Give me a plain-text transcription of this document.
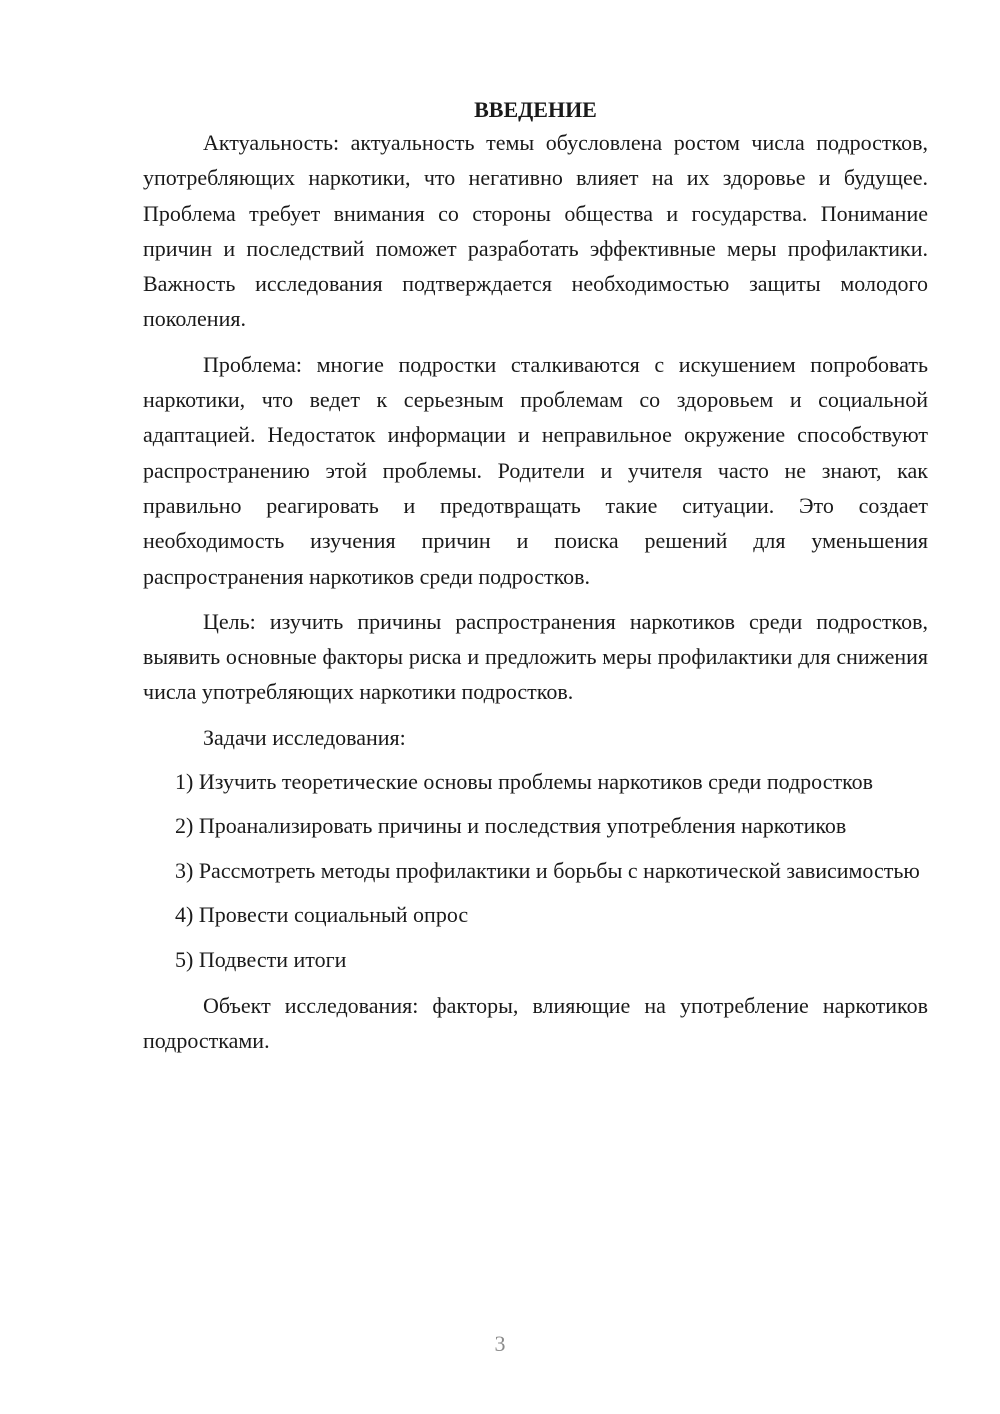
ВВЕДЕНИЕ

Актуальность: актуальность темы обусловлена ростом числа подростков, употребляющих наркотики, что негативно влияет на их здоровье и будущее. Проблема требует внимания со стороны общества и государства. Понимание причин и последствий поможет разработать эффективные меры профилактики. Важность исследования подтверждается необходимостью защиты молодого поколения.

Проблема: многие подростки сталкиваются с искушением попробовать наркотики, что ведет к серьезным проблемам со здоровьем и социальной адаптацией. Недостаток информации и неправильное окружение способствуют распространению этой проблемы. Родители и учителя часто не знают, как правильно реагировать и предотвращать такие ситуации. Это создает необходимость изучения причин и поиска решений для уменьшения распространения наркотиков среди подростков.

Цель: изучить причины распространения наркотиков среди подростков, выявить основные факторы риска и предложить меры профилактики для снижения числа употребляющих наркотики подростков.

Задачи исследования:

1) Изучить теоретические основы проблемы наркотиков среди подростков

2) Проанализировать причины и последствия употребления наркотиков

3) Рассмотреть методы профилактики и борьбы с наркотической зависимостью

4) Провести социальный опрос

5) Подвести итоги

Объект исследования: факторы, влияющие на употребление наркотиков подростками.

3
